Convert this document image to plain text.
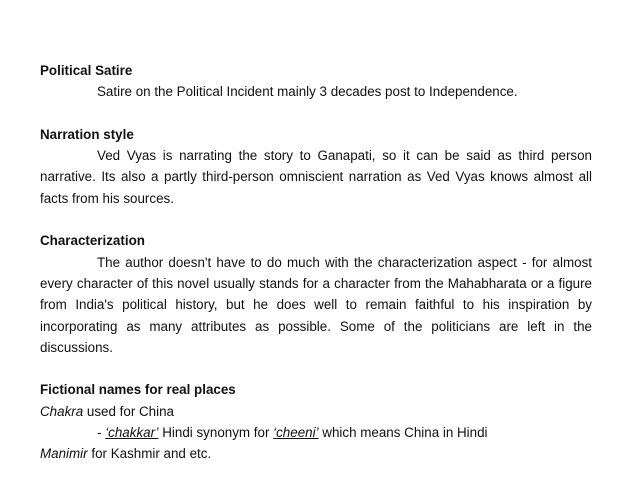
Political Satire

Satire on the Political Incident mainly 3 decades post to Independence.

Narration style

Ved Vyas is narrating the story to Ganapati, so it can be said as third person narrative. Its also a partly third-person omniscient narration as Ved Vyas knows almost all facts from his sources.

Characterization

The author doesn't have to do much with the characterization aspect - for almost every character of this novel usually stands for a character from the Mahabharata or a figure from India's political history, but he does well to remain faithful to his inspiration by incorporating as many attributes as possible. Some of the politicians are left in the discussions.

Fictional names for real places

Chakra used for China

- ‘chakkar’ Hindi synonym for ‘cheeni’ which means China in Hindi

Manimir for Kashmir and etc.
